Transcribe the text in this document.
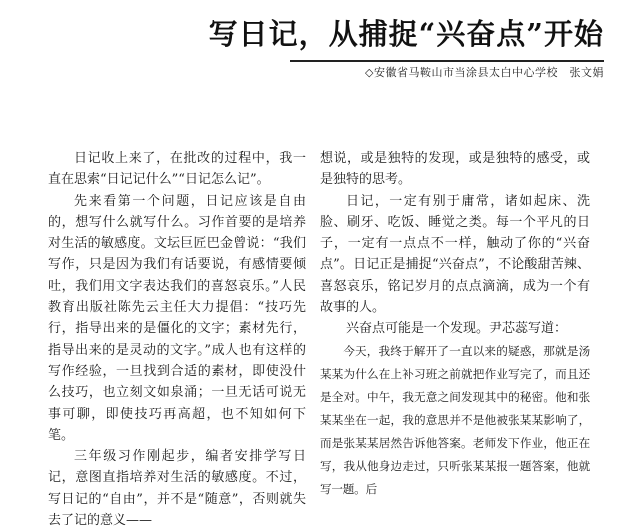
写日记，从捕捉“兴奋点”开始
◇安徽省马鞍山市当涂县太白中心学校　张文娟

日记收上来了，在批改的过程中，我一直在思索“日记记什么”“日记怎么记”。

先来看第一个问题，日记应该是自由的，想写什么就写什么。习作首要的是培养对生活的敏感度。文坛巨匠巴金曾说：“我们写作，只是因为我们有话要说，有感情要倾吐，我们用文字表达我们的喜怒哀乐。”人民教育出版社陈先云主任大力提倡：“技巧先行，指导出来的是僵化的文字；素材先行，指导出来的是灵动的文字。”成人也有这样的写作经验，一旦找到合适的素材，即使没什么技巧，也立刻文如泉涌；一旦无话可说无事可聊，即使技巧再高超，也不知如何下笔。

三年级习作刚起步，编者安排学写日记，意图直指培养对生活的敏感度。不过，写日记的“自由”，并不是“随意”，否则就失去了记的意义——

想说，或是独特的发现，或是独特的感受，或是独特的思考。

日记，一定有别于庸常，诸如起床、洗脸、刷牙、吃饭、睡觉之类。每一个平凡的日子，一定有一点点不一样，触动了你的“兴奋点”。日记正是捕捉“兴奋点”，不论酸甜苦辣、喜怒哀乐，铭记岁月的点点滴滴，成为一个有故事的人。

兴奋点可能是一个发现。尹芯蕊写道：

今天，我终于解开了一直以来的疑惑，那就是汤某某为什么在上补习班之前就把作业写完了，而且还是全对。中午，我无意之间发现其中的秘密。他和张某某坐在一起，我的意思并不是他被张某某影响了，而是张某某居然告诉他答案。老师发下作业，他正在写，我从他身边走过，只听张某某报一题答案，他就写一题。后
